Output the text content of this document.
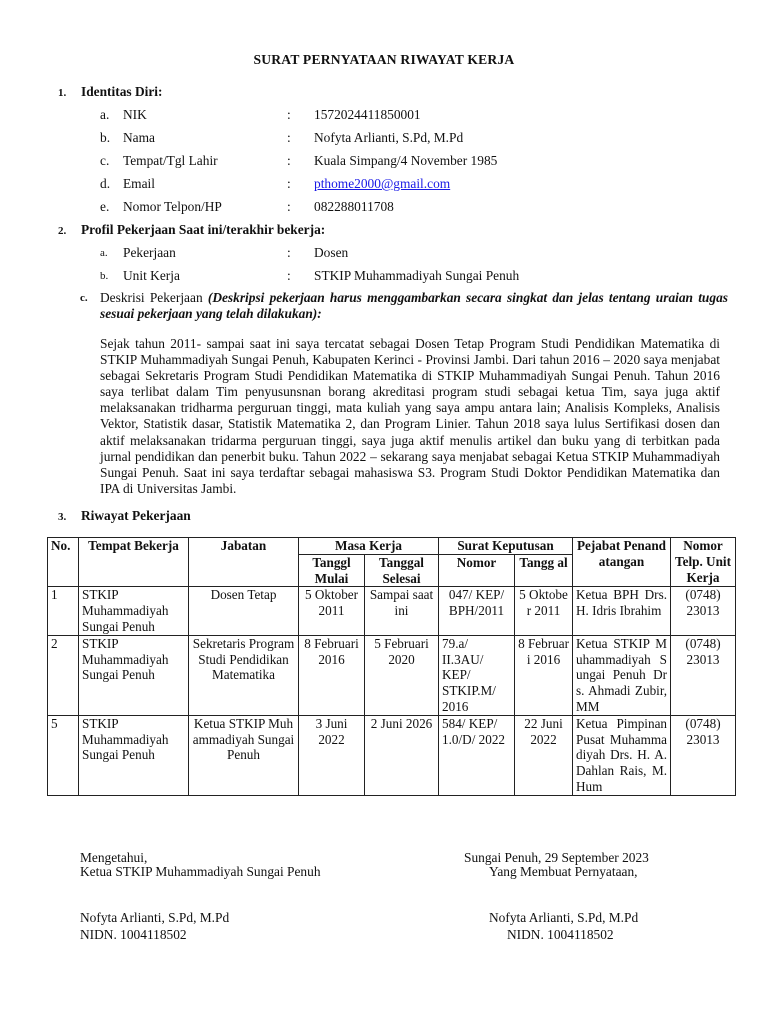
SURAT PERNYATAAN RIWAYAT KERJA
1. Identitas Diri:
a. NIK	: 1572024411850001
b. Nama	: Nofyta Arlianti, S.Pd, M.Pd
c. Tempat/Tgl Lahir	: Kuala Simpang/4 November 1985
d. Email	: pthome2000@gmail.com
e. Nomor Telpon/HP	: 082288011708
2. Profil Pekerjaan Saat ini/terakhir bekerja:
a. Pekerjaan	: Dosen
b. Unit Kerja	: STKIP Muhammadiyah Sungai Penuh
c. Deskrisi Pekerjaan (Deskripsi pekerjaan harus menggambarkan secara singkat dan jelas tentang uraian tugas sesuai pekerjaan yang telah dilakukan):
Sejak tahun 2011- sampai saat ini saya tercatat sebagai Dosen Tetap Program Studi Pendidikan Matematika di STKIP Muhammadiyah Sungai Penuh, Kabupaten Kerinci - Provinsi Jambi. Dari tahun 2016 – 2020 saya menjabat sebagai Sekretaris Program Studi Pendidikan Matematika di STKIP Muhammadiyah Sungai Penuh. Tahun 2016 saya terlibat dalam Tim penyusunsnan borang akreditasi program studi sebagai ketua Tim, saya juga aktif melaksanakan tridharma perguruan tinggi, mata kuliah yang saya ampu antara lain; Analisis Kompleks, Analisis Vektor, Statistik dasar, Statistik Matematika 2, dan Program Linier. Tahun 2018 saya lulus Sertifikasi dosen dan aktif melaksanakan tridarma perguruan tinggi, saya juga aktif menulis artikel dan buku yang di terbitkan pada jurnal pendidikan dan penerbit buku. Tahun 2022 – sekarang saya menjabat sebagai Ketua STKIP Muhammadiyah Sungai Penuh. Saat ini saya terdaftar sebagai mahasiswa S3. Program Studi Doktor Pendidikan Matematika dan IPA di Universitas Jambi.
3. Riwayat Pekerjaan
No.	Tempat Bekerja	Jabatan	Masa Kerja		Surat Keputusan		Pejabat Penandatangan	Nomor Telp. Unit Kerja
			Tanggl Mulai	Tanggal Selesai	Nomor	Tangg al		
1	STKIP Muhammadiyah Sungai Penuh	Dosen Tetap	5 Oktober 2011	Sampai saat ini	047/ KEP/ BPH/2011	5 Oktober 2011	Ketua BPH Drs. H. Idris Ibrahim	(0748) 23013
2	STKIP Muhammadiyah Sungai Penuh	Sekretaris Program Studi Pendidikan Matematika	8 Februari 2016	5 Februari 2020	79.a/ II.3AU/ KEP/ STKIP.M/ 2016	8 Februari 2016	Ketua STKIP Muhammadiyah Sungai Penuh Drs. Ahmadi Zubir, MM	(0748) 23013
5	STKIP Muhammadiyah Sungai Penuh	Ketua STKIP Muhammadiyah Sungai Penuh	3 Juni 2022	2 Juni 2026	584/ KEP/ 1.0/D/ 2022	22 Juni 2022	Ketua Pimpinan Pusat Muhammadiyah Drs. H. A. Dahlan Rais, M.Hum	(0748) 23013
Mengetahui,
Ketua STKIP Muhammadiyah Sungai Penuh
Nofyta Arlianti, S.Pd, M.Pd
NIDN. 1004118502
Sungai Penuh, 29 September 2023
Yang Membuat Pernyataan,
Nofyta Arlianti, S.Pd, M.Pd
NIDN. 1004118502
